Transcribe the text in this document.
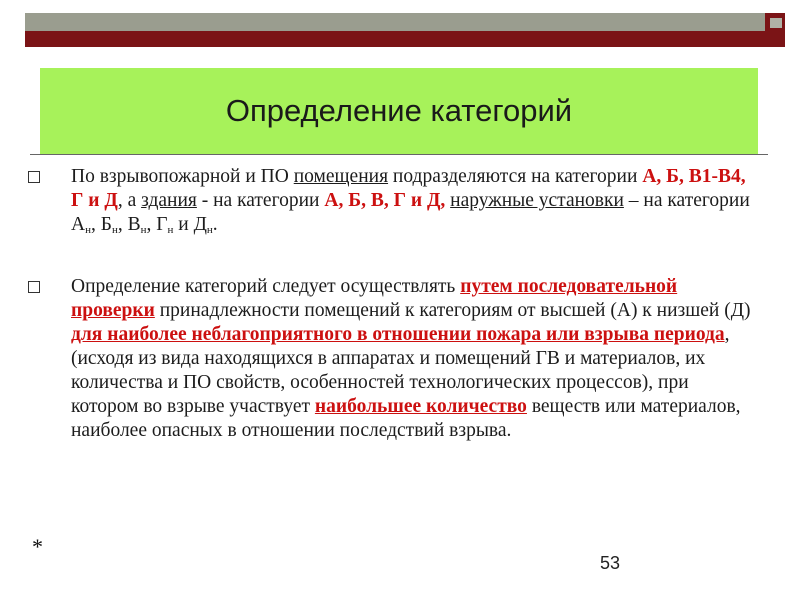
Определение категорий
По взрывопожарной и ПО помещения подразделяются на категории А, Б, В1-В4, Г и Д, а здания - на категории А, Б, В, Г и Д, наружные установки – на категории $А_н$, $Б_н$, $В_н$, $Г_н$ и $Д_н$.
Определение категорий следует осуществлять путем последовательной проверки принадлежности помещений к категориям от высшей (А) к низшей (Д) для наиболее неблагоприятного в отношении пожара или взрыва периода, (исходя из вида находящихся в аппаратах и помещений ГВ и материалов, их количества и ПО свойств, особенностей технологических процессов), при котором во взрыве участвует наибольшее количество веществ или материалов, наиболее опасных в отношении последствий взрыва.
*
53
